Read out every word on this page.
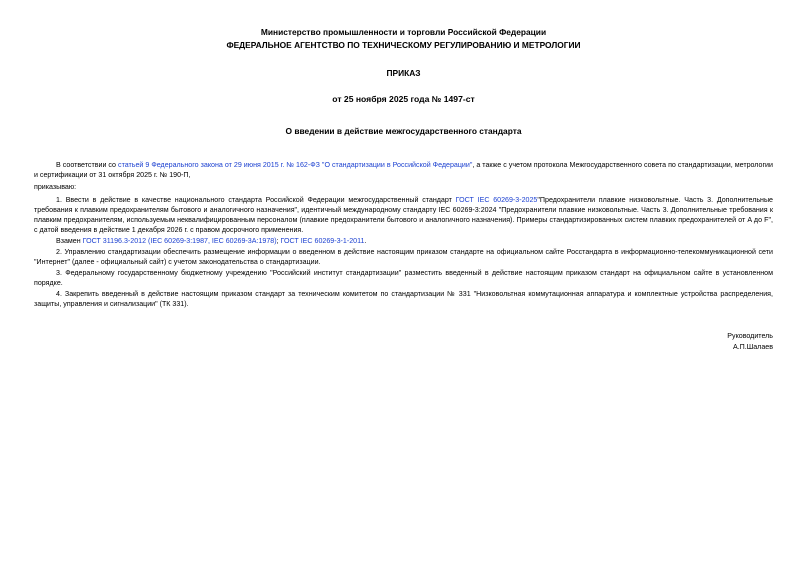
Министерство промышленности и торговли Российской Федерации
ФЕДЕРАЛЬНОЕ АГЕНТСТВО ПО ТЕХНИЧЕСКОМУ РЕГУЛИРОВАНИЮ И МЕТРОЛОГИИ
ПРИКАЗ
от 25 ноября 2025 года № 1497-ст
О введении в действие межгосударственного стандарта

В соответствии со статьей 9 Федерального закона от 29 июня 2015 г. № 162-ФЗ "О стандартизации в Российской Федерации", а также с учетом протокола Межгосударственного совета по стандартизации, метрологии и сертификации от 31 октября 2025 г. № 190-П,

приказываю:

1. Ввести в действие в качестве национального стандарта Российской Федерации межгосударственный стандарт ГОСТ IEC 60269-3-2025"Предохранители плавкие низковольтные. Часть 3. Дополнительные требования к плавким предохранителям бытового и аналогичного назначения", идентичный международному стандарту IEC 60269-3:2024 "Предохранители плавкие низковольтные. Часть 3. Дополнительные требования к плавким предохранителям, используемым неквалифицированным персоналом (плавкие предохранители бытового и аналогичного назначения). Примеры стандартизированных систем плавких предохранителей от A до F", с датой введения в действие 1 декабря 2026 г. с правом досрочного применения.

Взамен ГОСТ 31196.3-2012 (IEC 60269-3:1987, IEC 60269-3A:1978); ГОСТ IEC 60269-3-1-2011.

2. Управлению стандартизации обеспечить размещение информации о введенном в действие настоящим приказом стандарте на официальном сайте Росстандарта в информационно-телекоммуникационной сети "Интернет" (далее - официальный сайт) с учетом законодательства о стандартизации.

3. Федеральному государственному бюджетному учреждению "Российский институт стандартизации" разместить введенный в действие настоящим приказом стандарт на официальном сайте в установленном порядке.

4. Закрепить введенный в действие настоящим приказом стандарт за техническим комитетом по стандартизации № 331 "Низковольтная коммутационная аппаратура и комплектные устройства распределения, защиты, управления и сигнализации" (ТК 331).

Руководитель
А.П.Шалаев
